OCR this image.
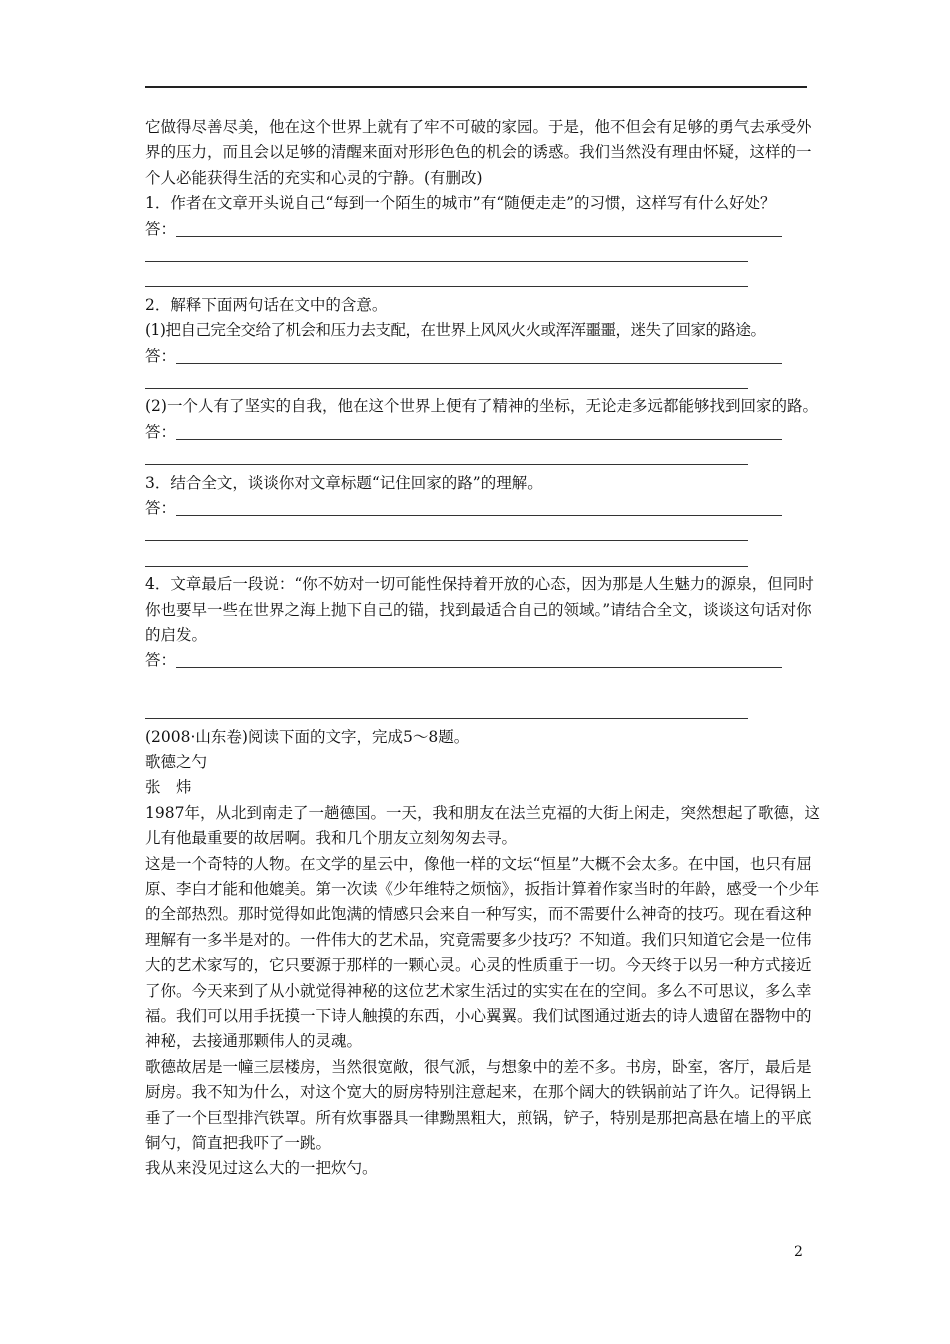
它做得尽善尽美，他在这个世界上就有了牢不可破的家园。于是，他不但会有足够的勇气去承受外界的压力，而且会以足够的清醒来面对形形色色的机会的诱惑。我们当然没有理由怀疑，这样的一个人必能获得生活的充实和心灵的宁静。(有删改)

1．作者在文章开头说自己“每到一个陌生的城市”有“随便走走”的习惯，这样写有什么好处？

答：

2．解释下面两句话在文中的含意。

(1)把自己完全交给了机会和压力去支配，在世界上风风火火或浑浑噩噩，迷失了回家的路途。

答：

(2)一个人有了坚实的自我，他在这个世界上便有了精神的坐标，无论走多远都能够找到回家的路。

答：

3．结合全文，谈谈你对文章标题“记住回家的路”的理解。

答：

4．文章最后一段说：“你不妨对一切可能性保持着开放的心态，因为那是人生魅力的源泉，但同时你也要早一些在世界之海上抛下自己的锚，找到最适合自己的领域。”请结合全文，谈谈这句话对你的启发。

答：

(2008·山东卷)阅读下面的文字，完成5～8题。

歌德之勺

张　炜

1987年，从北到南走了一趟德国。一天，我和朋友在法兰克福的大街上闲走，突然想起了歌德，这儿有他最重要的故居啊。我和几个朋友立刻匆匆去寻。

这是一个奇特的人物。在文学的星云中，像他一样的文坛“恒星”大概不会太多。在中国，也只有屈原、李白才能和他媲美。第一次读《少年维特之烦恼》，扳指计算着作家当时的年龄，感受一个少年的全部热烈。那时觉得如此饱满的情感只会来自一种写实，而不需要什么神奇的技巧。现在看这种理解有一多半是对的。一件伟大的艺术品，究竟需要多少技巧？不知道。我们只知道它会是一位伟大的艺术家写的，它只要源于那样的一颗心灵。心灵的性质重于一切。今天终于以另一种方式接近了你。今天来到了从小就觉得神秘的这位艺术家生活过的实实在在的空间。多么不可思议，多么幸福。我们可以用手抚摸一下诗人触摸的东西，小心翼翼。我们试图通过逝去的诗人遗留在器物中的神秘，去接通那颗伟人的灵魂。

歌德故居是一幢三层楼房，当然很宽敞，很气派，与想象中的差不多。书房，卧室，客厅，最后是厨房。我不知为什么，对这个宽大的厨房特别注意起来，在那个阔大的铁锅前站了许久。记得锅上垂了一个巨型排汽铁罩。所有炊事器具一律黝黑粗大，煎锅，铲子，特别是那把高悬在墙上的平底铜勺，简直把我吓了一跳。

我从来没见过这么大的一把炊勺。

2
